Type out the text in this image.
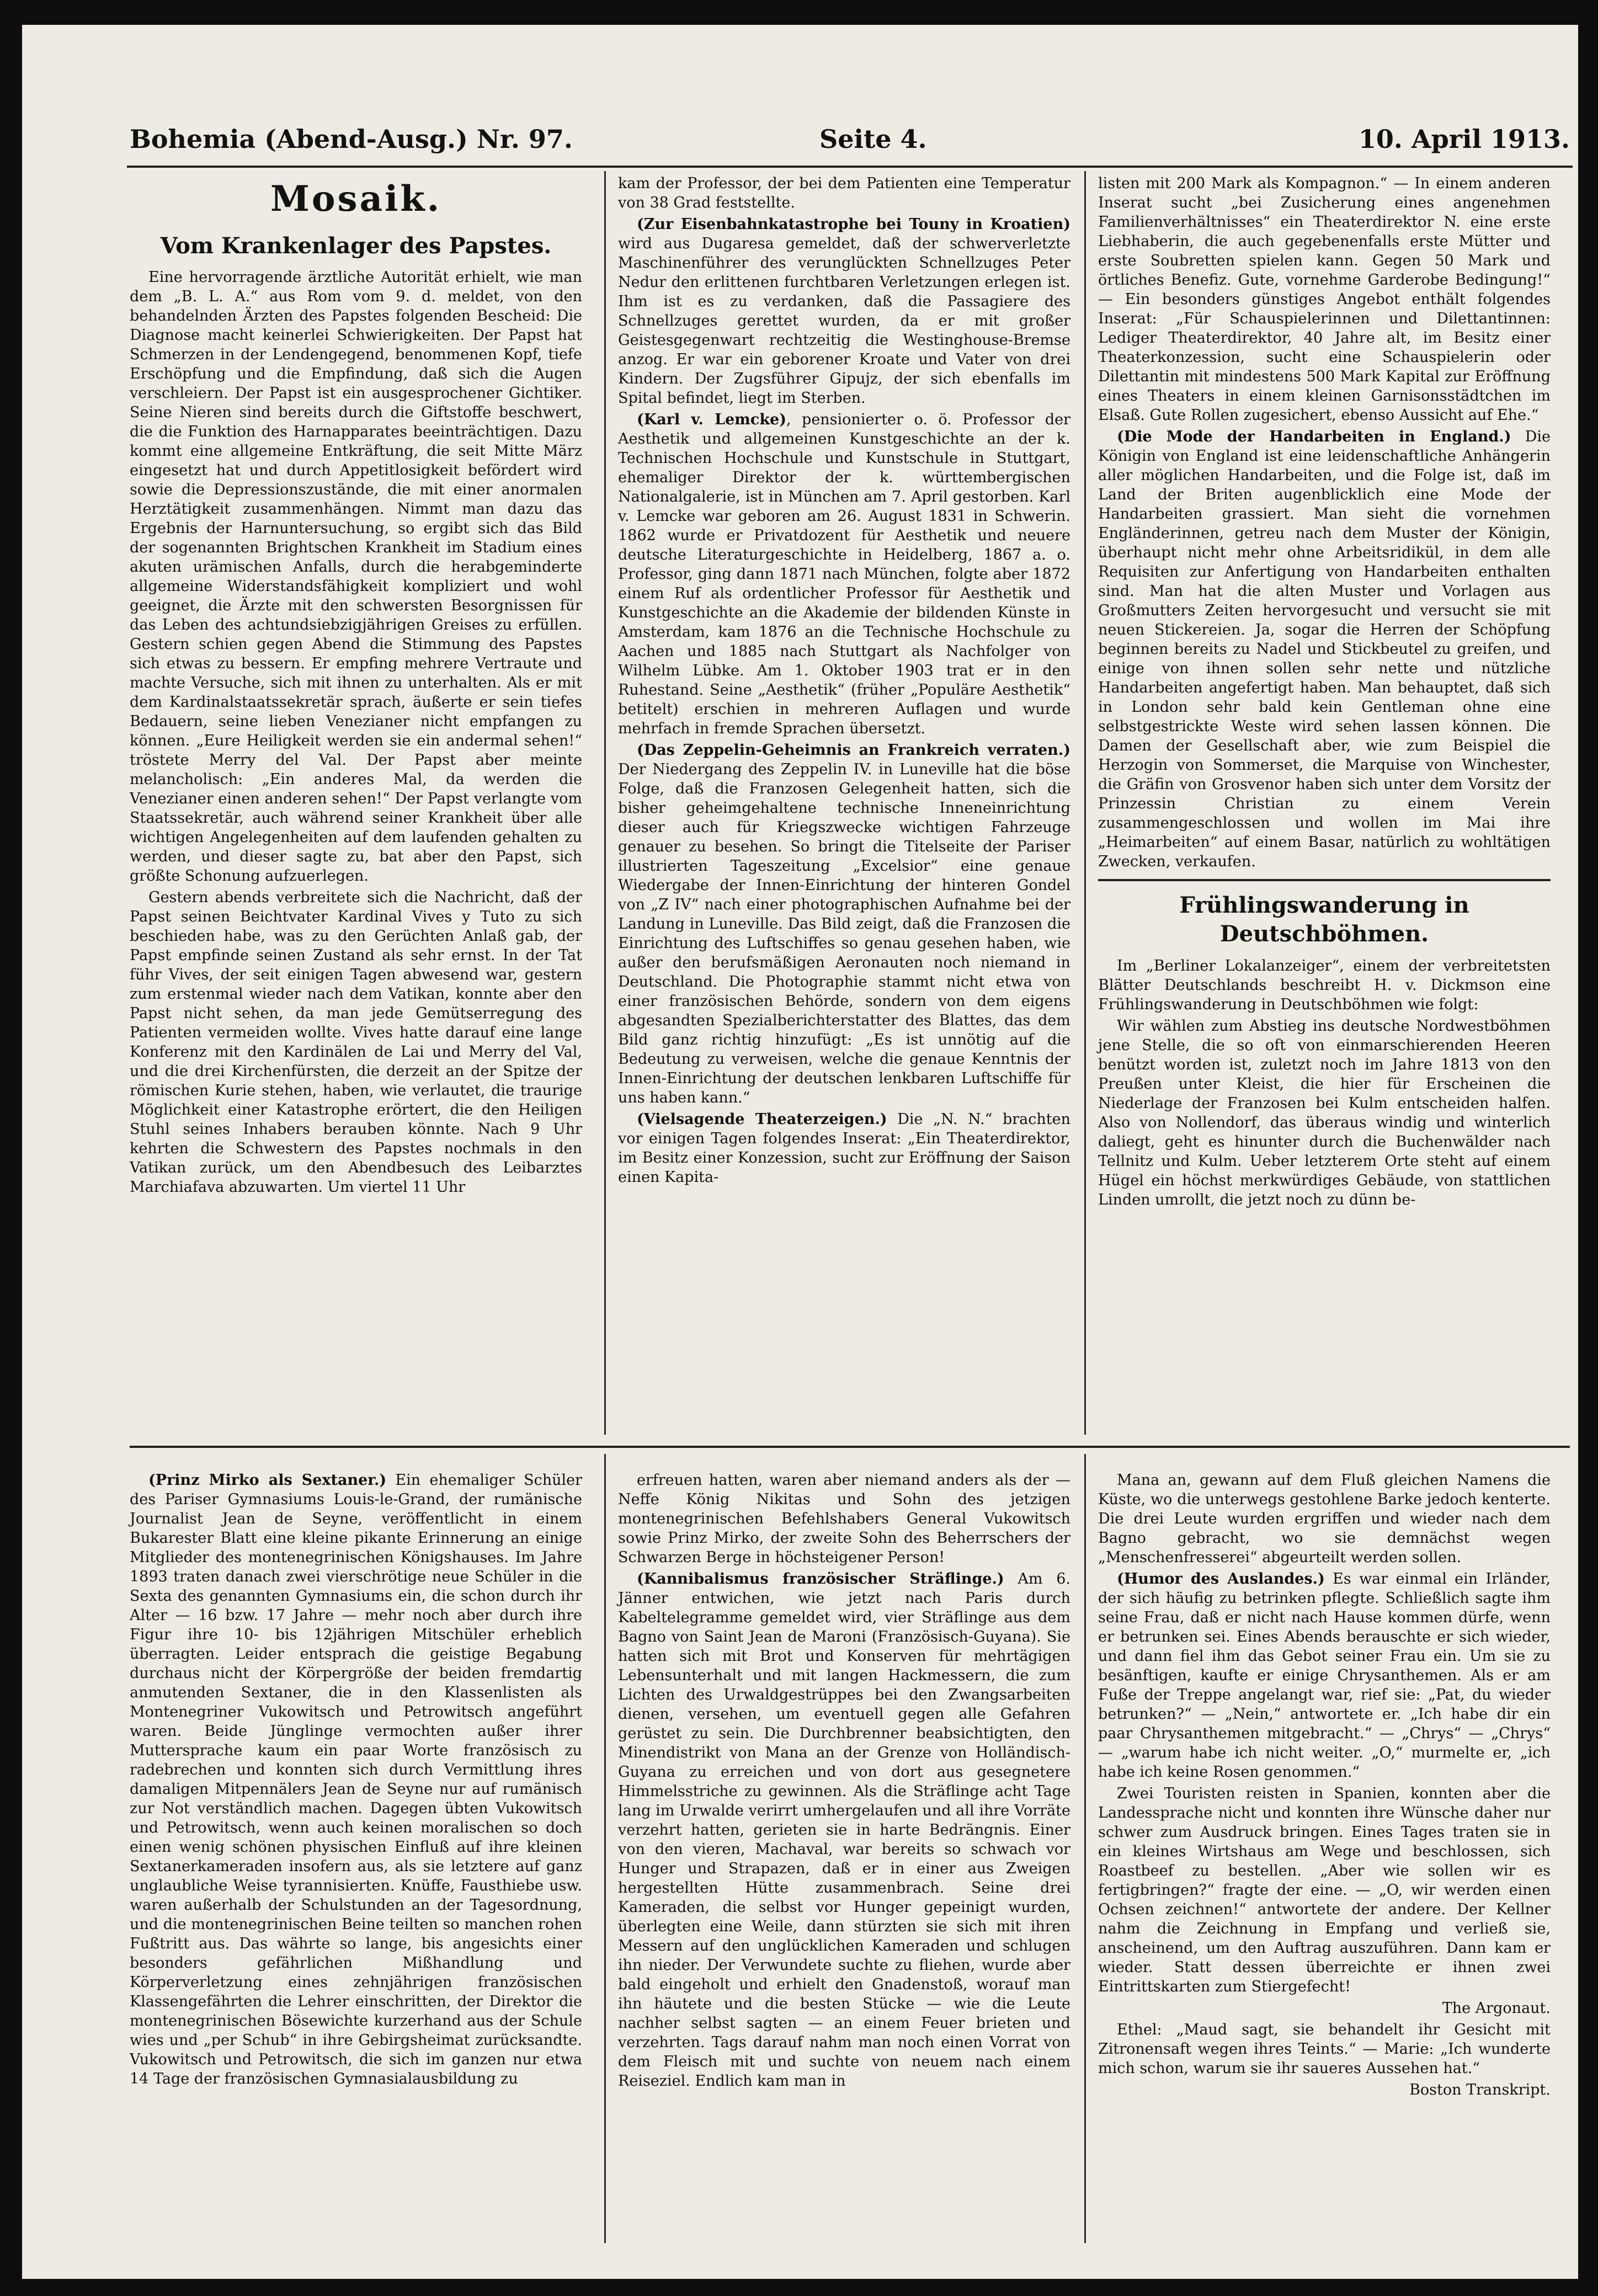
Bohemia (Abend-Ausg.) Nr. 97.	Seite 4.	10. April 1913.
Mosaik.
Vom Krankenlager des Papstes.

Eine hervorragende ärztliche Autorität erhielt, wie man dem „B. L. A.“ aus Rom vom 9. d. meldet, von den behandelnden Ärzten des Papstes folgenden Bescheid: Die Diagnose macht keinerlei Schwierigkeiten. Der Papst hat Schmerzen in der Lendengegend, benommenen Kopf, tiefe Erschöpfung und die Empfindung, daß sich die Augen verschleiern. Der Papst ist ein ausgesprochener Gichtiker. Seine Nieren sind bereits durch die Giftstoffe beschwert, die die Funktion des Harnapparates beeinträchtigen. Dazu kommt eine allgemeine Entkräftung, die seit Mitte März eingesetzt hat und durch Appetitlosigkeit befördert wird sowie die Depressionszustände, die mit einer anormalen Herztätigkeit zusammenhängen. Nimmt man dazu das Ergebnis der Harnuntersuchung, so ergibt sich das Bild der sogenannten Brightschen Krankheit im Stadium eines akuten urämischen Anfalls, durch die herabgeminderte allgemeine Widerstandsfähigkeit kompliziert und wohl geeignet, die Ärzte mit den schwersten Besorgnissen für das Leben des achtundsiebzigjährigen Greises zu erfüllen. Gestern schien gegen Abend die Stimmung des Papstes sich etwas zu bessern. Er empfing mehrere Vertraute und machte Versuche, sich mit ihnen zu unterhalten. Als er mit dem Kardinalstaatssekretär sprach, äußerte er sein tiefes Bedauern, seine lieben Venezianer nicht empfangen zu können. „Eure Heiligkeit werden sie ein andermal sehen!“ tröstete Merry del Val. Der Papst aber meinte melancholisch: „Ein anderes Mal, da werden die Venezianer einen anderen sehen!“ Der Papst verlangte vom Staatssekretär, auch während seiner Krankheit über alle wichtigen Angelegenheiten auf dem laufenden gehalten zu werden, und dieser sagte zu, bat aber den Papst, sich größte Schonung aufzuerlegen.

Gestern abends verbreitete sich die Nachricht, daß der Papst seinen Beichtvater Kardinal Vives y Tuto zu sich beschieden habe, was zu den Gerüchten Anlaß gab, der Papst empfinde seinen Zustand als sehr ernst. In der Tat führ Vives, der seit einigen Tagen abwesend war, gestern zum erstenmal wieder nach dem Vatikan, konnte aber den Papst nicht sehen, da man jede Gemütserregung des Patienten vermeiden wollte. Vives hatte darauf eine lange Konferenz mit den Kardinälen de Lai und Merry del Val, und die drei Kirchenfürsten, die derzeit an der Spitze der römischen Kurie stehen, haben, wie verlautet, die traurige Möglichkeit einer Katastrophe erörtert, die den Heiligen Stuhl seines Inhabers berauben könnte. Nach 9 Uhr kehrten die Schwestern des Papstes nochmals in den Vatikan zurück, um den Abendbesuch des Leibarztes Marchiafava abzuwarten. Um viertel 11 Uhr

kam der Professor, der bei dem Patienten eine Temperatur von 38 Grad feststellte.

(Zur Eisenbahnkatastrophe bei Touny in Kroatien) wird aus Dugaresa gemeldet, daß der schwerverletzte Maschinenführer des verunglückten Schnellzuges Peter Nedur den erlittenen furchtbaren Verletzungen erlegen ist. Ihm ist es zu verdanken, daß die Passagiere des Schnellzuges gerettet wurden, da er mit großer Geistesgegenwart rechtzeitig die Westinghouse-Bremse anzog. Er war ein geborener Kroate und Vater von drei Kindern. Der Zugsführer Gipujz, der sich ebenfalls im Spital befindet, liegt im Sterben.

(Karl v. Lemcke), pensionierter o. ö. Professor der Aesthetik und allgemeinen Kunstgeschichte an der k. Technischen Hochschule und Kunstschule in Stuttgart, ehemaliger Direktor der k. württembergischen Nationalgalerie, ist in München am 7. April gestorben. Karl v. Lemcke war geboren am 26. August 1831 in Schwerin. 1862 wurde er Privatdozent für Aesthetik und neuere deutsche Literaturgeschichte in Heidelberg, 1867 a. o. Professor, ging dann 1871 nach München, folgte aber 1872 einem Ruf als ordentlicher Professor für Aesthetik und Kunstgeschichte an die Akademie der bildenden Künste in Amsterdam, kam 1876 an die Technische Hochschule zu Aachen und 1885 nach Stuttgart als Nachfolger von Wilhelm Lübke. Am 1. Oktober 1903 trat er in den Ruhestand. Seine „Aesthetik“ (früher „Populäre Aesthetik“ betitelt) erschien in mehreren Auflagen und wurde mehrfach in fremde Sprachen übersetzt.

(Das Zeppelin-Geheimnis an Frankreich verraten.) Der Niedergang des Zeppelin IV. in Luneville hat die böse Folge, daß die Franzosen Gelegenheit hatten, sich die bisher geheimgehaltene technische Inneneinrichtung dieser auch für Kriegszwecke wichtigen Fahrzeuge genauer zu besehen. So bringt die Titelseite der Pariser illustrierten Tageszeitung „Excelsior“ eine genaue Wiedergabe der Innen-Einrichtung der hinteren Gondel von „Z IV“ nach einer photographischen Aufnahme bei der Landung in Luneville. Das Bild zeigt, daß die Franzosen die Einrichtung des Luftschiffes so genau gesehen haben, wie außer den berufsmäßigen Aeronauten noch niemand in Deutschland. Die Photographie stammt nicht etwa von einer französischen Behörde, sondern von dem eigens abgesandten Spezialberichterstatter des Blattes, das dem Bild ganz richtig hinzufügt: „Es ist unnötig auf die Bedeutung zu verweisen, welche die genaue Kenntnis der Innen-Einrichtung der deutschen lenkbaren Luftschiffe für uns haben kann.“

(Vielsagende Theaterzeigen.) Die „N. N.“ brachten vor einigen Tagen folgendes Inserat: „Ein Theaterdirektor, im Besitz einer Konzession, sucht zur Eröffnung der Saison einen Kapita-

listen mit 200 Mark als Kompagnon.“ — In einem anderen Inserat sucht „bei Zusicherung eines angenehmen Familienverhältnisses“ ein Theaterdirektor N. eine erste Liebhaberin, die auch gegebenenfalls erste Mütter und erste Soubretten spielen kann. Gegen 50 Mark und örtliches Benefiz. Gute, vornehme Garderobe Bedingung!“ — Ein besonders günstiges Angebot enthält folgendes Inserat: „Für Schauspielerinnen und Dilettantinnen: Lediger Theaterdirektor, 40 Jahre alt, im Besitz einer Theaterkonzession, sucht eine Schauspielerin oder Dilettantin mit mindestens 500 Mark Kapital zur Eröffnung eines Theaters in einem kleinen Garnisonsstädtchen im Elsaß. Gute Rollen zugesichert, ebenso Aussicht auf Ehe.“

(Die Mode der Handarbeiten in England.) Die Königin von England ist eine leidenschaftliche Anhängerin aller möglichen Handarbeiten, und die Folge ist, daß im Land der Briten augenblicklich eine Mode der Handarbeiten grassiert. Man sieht die vornehmen Engländerinnen, getreu nach dem Muster der Königin, überhaupt nicht mehr ohne Arbeitsridikül, in dem alle Requisiten zur Anfertigung von Handarbeiten enthalten sind. Man hat die alten Muster und Vorlagen aus Großmutters Zeiten hervorgesucht und versucht sie mit neuen Stickereien. Ja, sogar die Herren der Schöpfung beginnen bereits zu Nadel und Stickbeutel zu greifen, und einige von ihnen sollen sehr nette und nützliche Handarbeiten angefertigt haben. Man behauptet, daß sich in London sehr bald kein Gentleman ohne eine selbstgestrickte Weste wird sehen lassen können. Die Damen der Gesellschaft aber, wie zum Beispiel die Herzogin von Sommerset, die Marquise von Winchester, die Gräfin von Grosvenor haben sich unter dem Vorsitz der Prinzessin Christian zu einem Verein zusammengeschlossen und wollen im Mai ihre „Heimarbeiten“ auf einem Basar, natürlich zu wohltätigen Zwecken, verkaufen.

Frühlingswanderung in Deutschböhmen.

Im „Berliner Lokalanzeiger“, einem der verbreitetsten Blätter Deutschlands beschreibt H. v. Dickmson eine Frühlingswanderung in Deutschböhmen wie folgt:

Wir wählen zum Abstieg ins deutsche Nordwestböhmen jene Stelle, die so oft von einmarschierenden Heeren benützt worden ist, zuletzt noch im Jahre 1813 von den Preußen unter Kleist, die hier für Erscheinen die Niederlage der Franzosen bei Kulm entscheiden halfen. Also von Nollendorf, das überaus windig und winterlich daliegt, geht es hinunter durch die Buchenwälder nach Tellnitz und Kulm. Ueber letzterem Orte steht auf einem Hügel ein höchst merkwürdiges Gebäude, von stattlichen Linden umrollt, die jetzt noch zu dünn be-

(Prinz Mirko als Sextaner.) Ein ehemaliger Schüler des Pariser Gymnasiums Louis-le-Grand, der rumänische Journalist Jean de Seyne, veröffentlicht in einem Bukarester Blatt eine kleine pikante Erinnerung an einige Mitglieder des montenegrinischen Königshauses. Im Jahre 1893 traten danach zwei vierschrötige neue Schüler in die Sexta des genannten Gymnasiums ein, die schon durch ihr Alter — 16 bzw. 17 Jahre — mehr noch aber durch ihre Figur ihre 10- bis 12jährigen Mitschüler erheblich überragten. Leider entsprach die geistige Begabung durchaus nicht der Körpergröße der beiden fremdartig anmutenden Sextaner, die in den Klassenlisten als Montenegriner Vukowitsch und Petrowitsch angeführt waren. Beide Jünglinge vermochten außer ihrer Muttersprache kaum ein paar Worte französisch zu radebrechen und konnten sich durch Vermittlung ihres damaligen Mitpennälers Jean de Seyne nur auf rumänisch zur Not verständlich machen. Dagegen übten Vukowitsch und Petrowitsch, wenn auch keinen moralischen so doch einen wenig schönen physischen Einfluß auf ihre kleinen Sextanerkameraden insofern aus, als sie letztere auf ganz unglaubliche Weise tyrannisierten. Knüffe, Fausthiebe usw. waren außerhalb der Schulstunden an der Tagesordnung, und die montenegrinischen Beine teilten so manchen rohen Fußtritt aus. Das währte so lange, bis angesichts einer besonders gefährlichen Mißhandlung und Körperverletzung eines zehnjährigen französischen Klassengefährten die Lehrer einschritten, der Direktor die montenegrinischen Bösewichte kurzerhand aus der Schule wies und „per Schub“ in ihre Gebirgsheimat zurücksandte. Vukowitsch und Petrowitsch, die sich im ganzen nur etwa 14 Tage der französischen Gymnasialausbildung zu

erfreuen hatten, waren aber niemand anders als der — Neffe König Nikitas und Sohn des jetzigen montenegrinischen Befehlshabers General Vukowitsch sowie Prinz Mirko, der zweite Sohn des Beherrschers der Schwarzen Berge in höchsteigener Person!

(Kannibalismus französischer Sträflinge.) Am 6. Jänner entwichen, wie jetzt nach Paris durch Kabeltelegramme gemeldet wird, vier Sträflinge aus dem Bagno von Saint Jean de Maroni (Französisch-Guyana). Sie hatten sich mit Brot und Konserven für mehrtägigen Lebensunterhalt und mit langen Hackmessern, die zum Lichten des Urwaldgestrüppes bei den Zwangsarbeiten dienen, versehen, um eventuell gegen alle Gefahren gerüstet zu sein. Die Durchbrenner beabsichtigten, den Minendistrikt von Mana an der Grenze von Holländisch-Guyana zu erreichen und von dort aus gesegnetere Himmelsstriche zu gewinnen. Als die Sträflinge acht Tage lang im Urwalde verirrt umhergelaufen und all ihre Vorräte verzehrt hatten, gerieten sie in harte Bedrängnis. Einer von den vieren, Machaval, war bereits so schwach vor Hunger und Strapazen, daß er in einer aus Zweigen hergestellten Hütte zusammenbrach. Seine drei Kameraden, die selbst vor Hunger gepeinigt wurden, überlegten eine Weile, dann stürzten sie sich mit ihren Messern auf den unglücklichen Kameraden und schlugen ihn nieder. Der Verwundete suchte zu fliehen, wurde aber bald eingeholt und erhielt den Gnadenstoß, worauf man ihn häutete und die besten Stücke — wie die Leute nachher selbst sagten — an einem Feuer brieten und verzehrten. Tags darauf nahm man noch einen Vorrat von dem Fleisch mit und suchte von neuem nach einem Reiseziel. Endlich kam man in

Mana an, gewann auf dem Fluß gleichen Namens die Küste, wo die unterwegs gestohlene Barke jedoch kenterte. Die drei Leute wurden ergriffen und wieder nach dem Bagno gebracht, wo sie demnächst wegen „Menschenfresserei“ abgeurteilt werden sollen.

(Humor des Auslandes.) Es war einmal ein Irländer, der sich häufig zu betrinken pflegte. Schließlich sagte ihm seine Frau, daß er nicht nach Hause kommen dürfe, wenn er betrunken sei. Eines Abends berauschte er sich wieder, und dann fiel ihm das Gebot seiner Frau ein. Um sie zu besänftigen, kaufte er einige Chrysanthemen. Als er am Fuße der Treppe angelangt war, rief sie: „Pat, du wieder betrunken?“ — „Nein,“ antwortete er. „Ich habe dir ein paar Chrysanthemen mitgebracht.“ — „Chrys“ — „Chrys“ — „warum habe ich nicht weiter. „O,“ murmelte er, „ich habe ich keine Rosen genommen.“

Zwei Touristen reisten in Spanien, konnten aber die Landessprache nicht und konnten ihre Wünsche daher nur schwer zum Ausdruck bringen. Eines Tages traten sie in ein kleines Wirtshaus am Wege und beschlossen, sich Roastbeef zu bestellen. „Aber wie sollen wir es fertigbringen?“ fragte der eine. — „O, wir werden einen Ochsen zeichnen!“ antwortete der andere. Der Kellner nahm die Zeichnung in Empfang und verließ sie, anscheinend, um den Auftrag auszuführen. Dann kam er wieder. Statt dessen überreichte er ihnen zwei Eintrittskarten zum Stiergefecht!

The Argonaut.

Ethel: „Maud sagt, sie behandelt ihr Gesicht mit Zitronensaft wegen ihres Teints.“ — Marie: „Ich wunderte mich schon, warum sie ihr saueres Aussehen hat.“

Boston Transkript.
